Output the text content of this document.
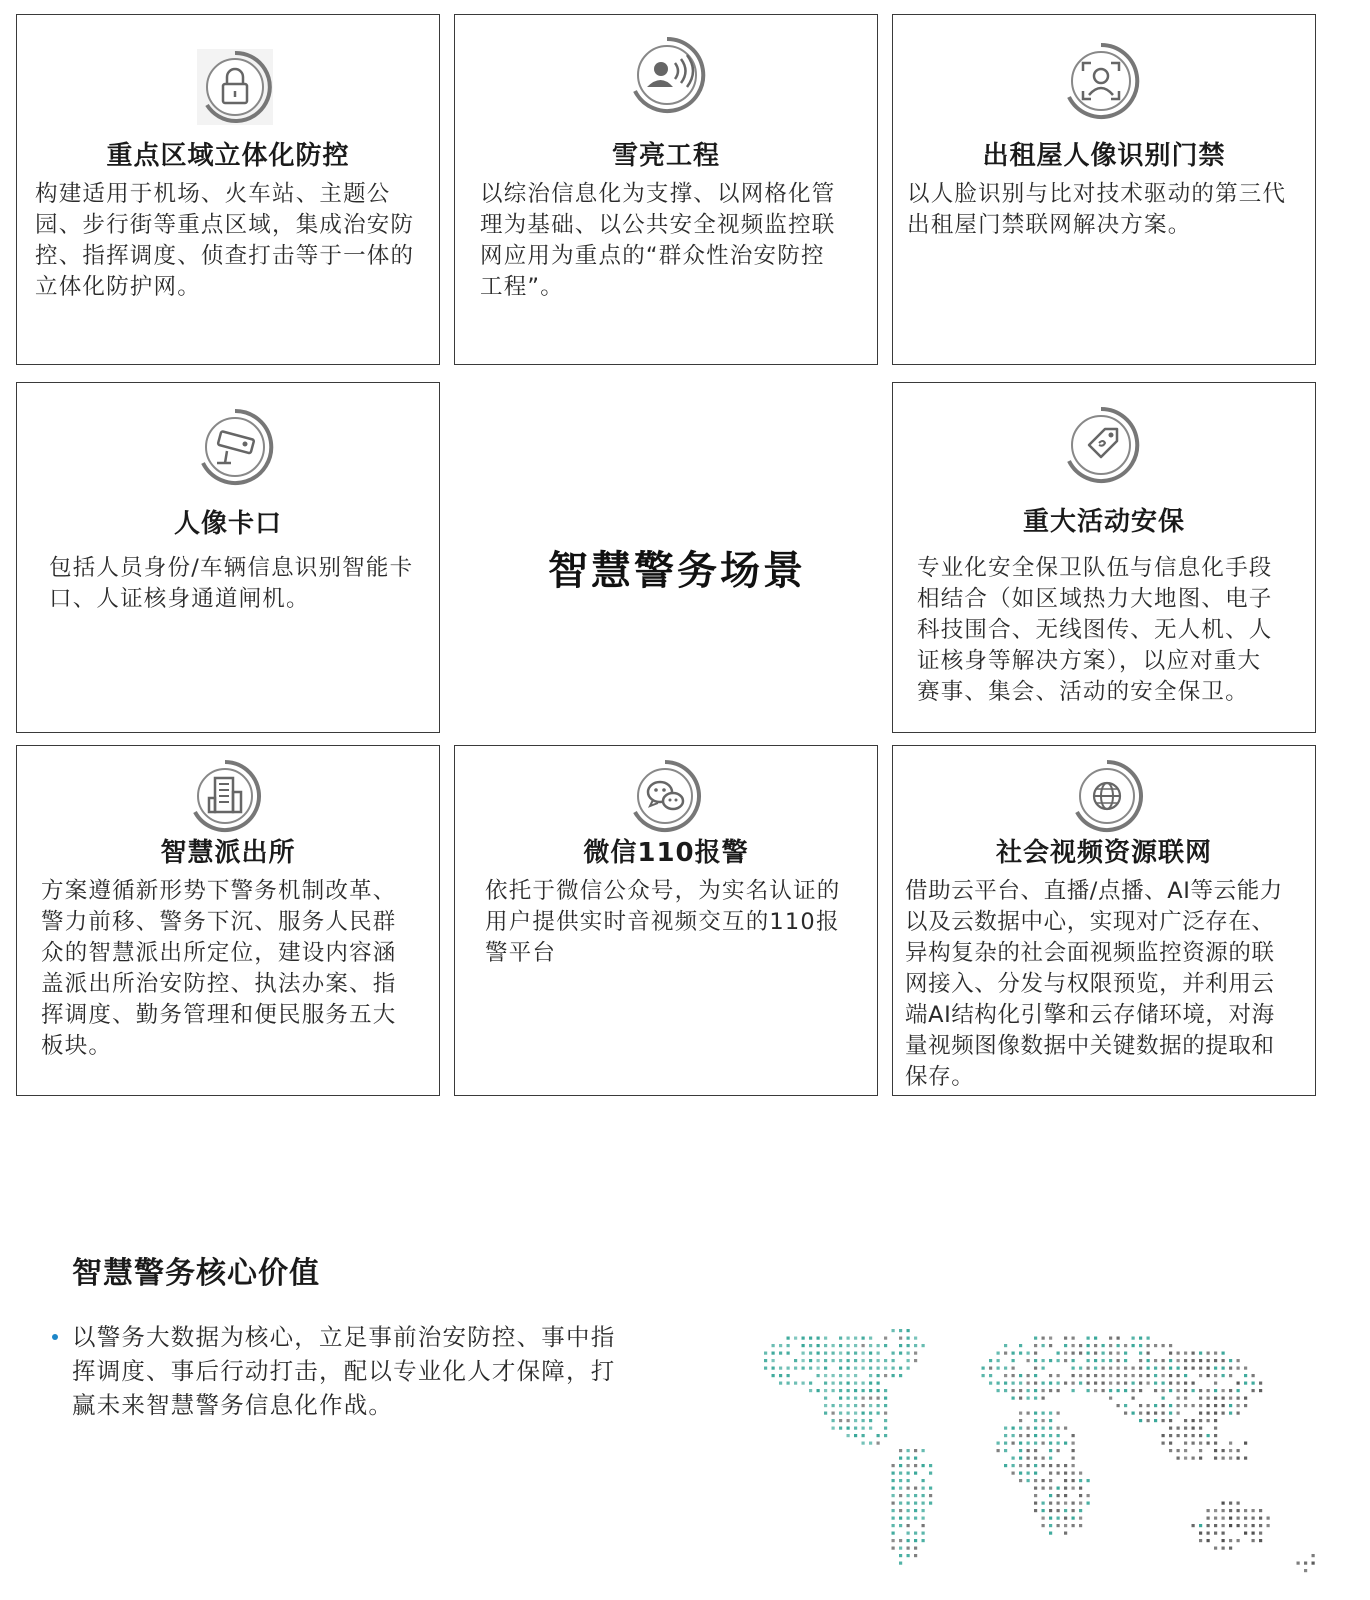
重点区域立体化防控
构建适用于机场、火车站、主题公
园、步行街等重点区域，集成治安防
控、指挥调度、侦查打击等于一体的
立体化防护网。
雪亮工程
以综治信息化为支撑、以网格化管
理为基础、以公共安全视频监控联
网应用为重点的“群众性治安防控
工程”。
出租屋人像识别门禁
以人脸识别与比对技术驱动的第三代
出租屋门禁联网解决方案。
人像卡口
包括人员身份/车辆信息识别智能卡
口、人证核身通道闸机。
智慧警务场景
重大活动安保
专业化安全保卫队伍与信息化手段
相结合（如区域热力大地图、电子
科技围合、无线图传、无人机、人
证核身等解决方案），以应对重大
赛事、集会、活动的安全保卫。
智慧派出所
方案遵循新形势下警务机制改革、
警力前移、警务下沉、服务人民群
众的智慧派出所定位，建设内容涵
盖派出所治安防控、执法办案、指
挥调度、勤务管理和便民服务五大
板块。
微信110报警
依托于微信公众号，为实名认证的
用户提供实时音视频交互的110报
警平台
社会视频资源联网
借助云平台、直播/点播、AI等云能力
以及云数据中心，实现对广泛存在、
异构复杂的社会面视频监控资源的联
网接入、分发与权限预览，并利用云
端AI结构化引擎和云存储环境，对海
量视频图像数据中关键数据的提取和
保存。
智慧警务核心价值
以警务大数据为核心，立足事前治安防控、事中指
挥调度、事后行动打击，配以专业化人才保障，打
赢未来智慧警务信息化作战。
